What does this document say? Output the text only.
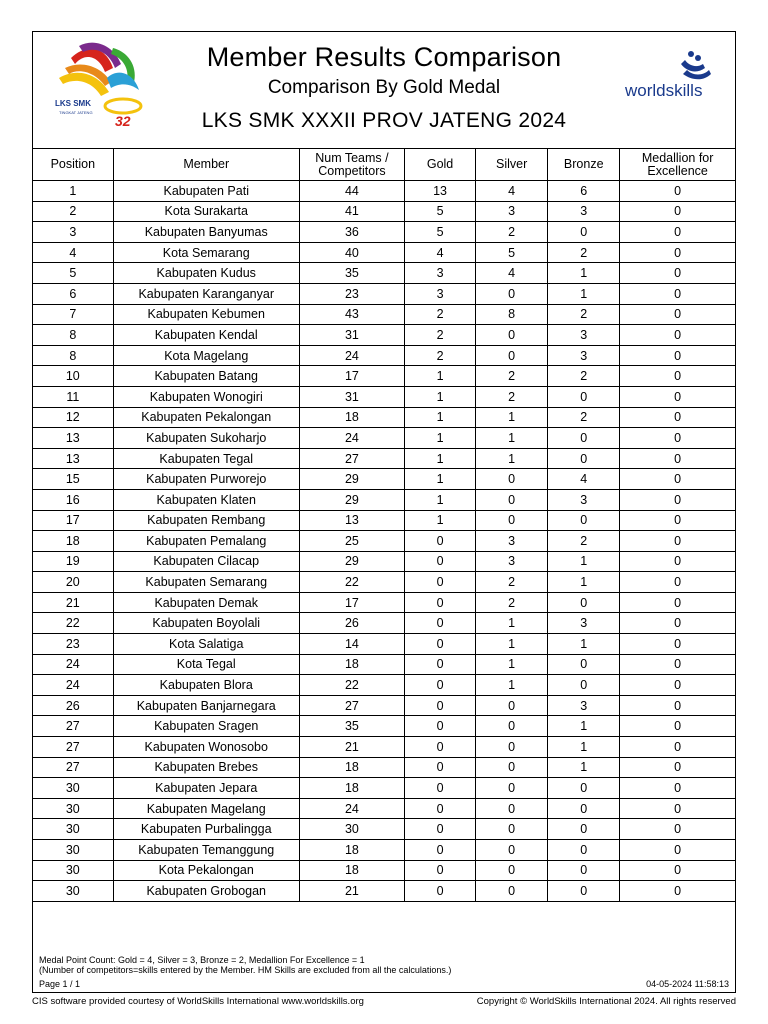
LKS SMK
TINGKAT JATENG
32
Member Results Comparison
Comparison By Gold Medal
LKS SMK XXXII PROV JATENG 2024
worldskills
Position	Member	Num Teams / Competitors	Gold	Silver	Bronze	Medallion for Excellence
1	Kabupaten Pati	44	13	4	6	0
2	Kota Surakarta	41	5	3	3	0
3	Kabupaten Banyumas	36	5	2	0	0
4	Kota Semarang	40	4	5	2	0
5	Kabupaten Kudus	35	3	4	1	0
6	Kabupaten Karanganyar	23	3	0	1	0
7	Kabupaten Kebumen	43	2	8	2	0
8	Kabupaten Kendal	31	2	0	3	0
8	Kota Magelang	24	2	0	3	0
10	Kabupaten Batang	17	1	2	2	0
11	Kabupaten Wonogiri	31	1	2	0	0
12	Kabupaten Pekalongan	18	1	1	2	0
13	Kabupaten Sukoharjo	24	1	1	0	0
13	Kabupaten Tegal	27	1	1	0	0
15	Kabupaten Purworejo	29	1	0	4	0
16	Kabupaten Klaten	29	1	0	3	0
17	Kabupaten Rembang	13	1	0	0	0
18	Kabupaten Pemalang	25	0	3	2	0
19	Kabupaten Cilacap	29	0	3	1	0
20	Kabupaten Semarang	22	0	2	1	0
21	Kabupaten Demak	17	0	2	0	0
22	Kabupaten Boyolali	26	0	1	3	0
23	Kota Salatiga	14	0	1	1	0
24	Kota Tegal	18	0	1	0	0
24	Kabupaten Blora	22	0	1	0	0
26	Kabupaten Banjarnegara	27	0	0	3	0
27	Kabupaten Sragen	35	0	0	1	0
27	Kabupaten Wonosobo	21	0	0	1	0
27	Kabupaten Brebes	18	0	0	1	0
30	Kabupaten Jepara	18	0	0	0	0
30	Kabupaten Magelang	24	0	0	0	0
30	Kabupaten Purbalingga	30	0	0	0	0
30	Kabupaten Temanggung	18	0	0	0	0
30	Kota Pekalongan	18	0	0	0	0
30	Kabupaten Grobogan	21	0	0	0	0
Medal Point Count: Gold = 4, Silver = 3, Bronze = 2, Medallion For Excellence = 1
(Number of competitors=skills entered by the Member. HM Skills are excluded from all the calculations.)
Page 1 / 1	04-05-2024 11:58:13
CIS software provided courtesy of WorldSkills International www.worldskills.org	Copyright © WorldSkills International 2024. All rights reserved
